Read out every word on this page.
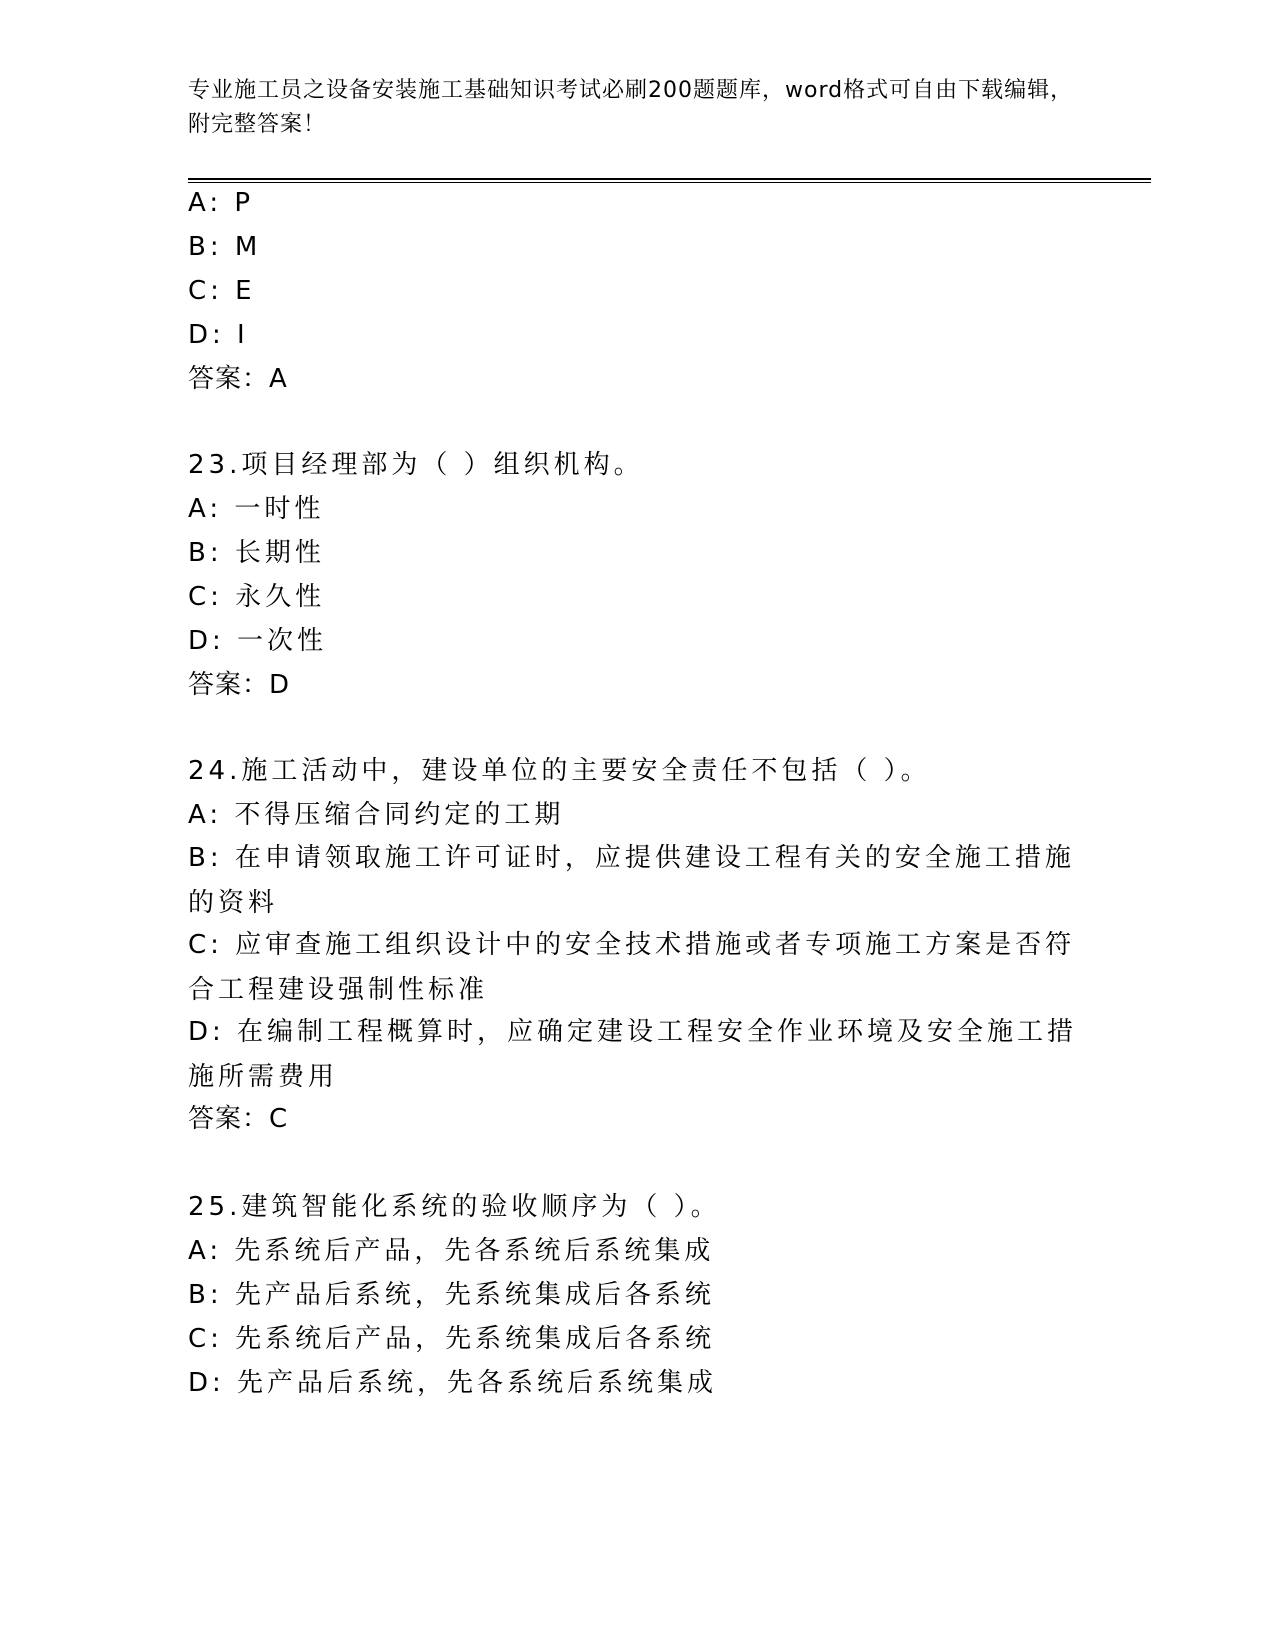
专业施工员之设备安装施工基础知识考试必刷200题题库，word格式可自由下载编辑，附完整答案！
A: P
B: M
C: E
D: I
答案：A
23.项目经理部为（ ）组织机构。
A: 一时性
B: 长期性
C: 永久性
D: 一次性
答案：D
24.施工活动中，建设单位的主要安全责任不包括（ ）。
A: 不得压缩合同约定的工期
B: 在申请领取施工许可证时，应提供建设工程有关的安全施工措施的资料
C: 应审查施工组织设计中的安全技术措施或者专项施工方案是否符合工程建设强制性标准
D: 在编制工程概算时，应确定建设工程安全作业环境及安全施工措施所需费用
答案：C
25.建筑智能化系统的验收顺序为（ ）。
A: 先系统后产品，先各系统后系统集成
B: 先产品后系统，先系统集成后各系统
C: 先系统后产品，先系统集成后各系统
D: 先产品后系统，先各系统后系统集成
